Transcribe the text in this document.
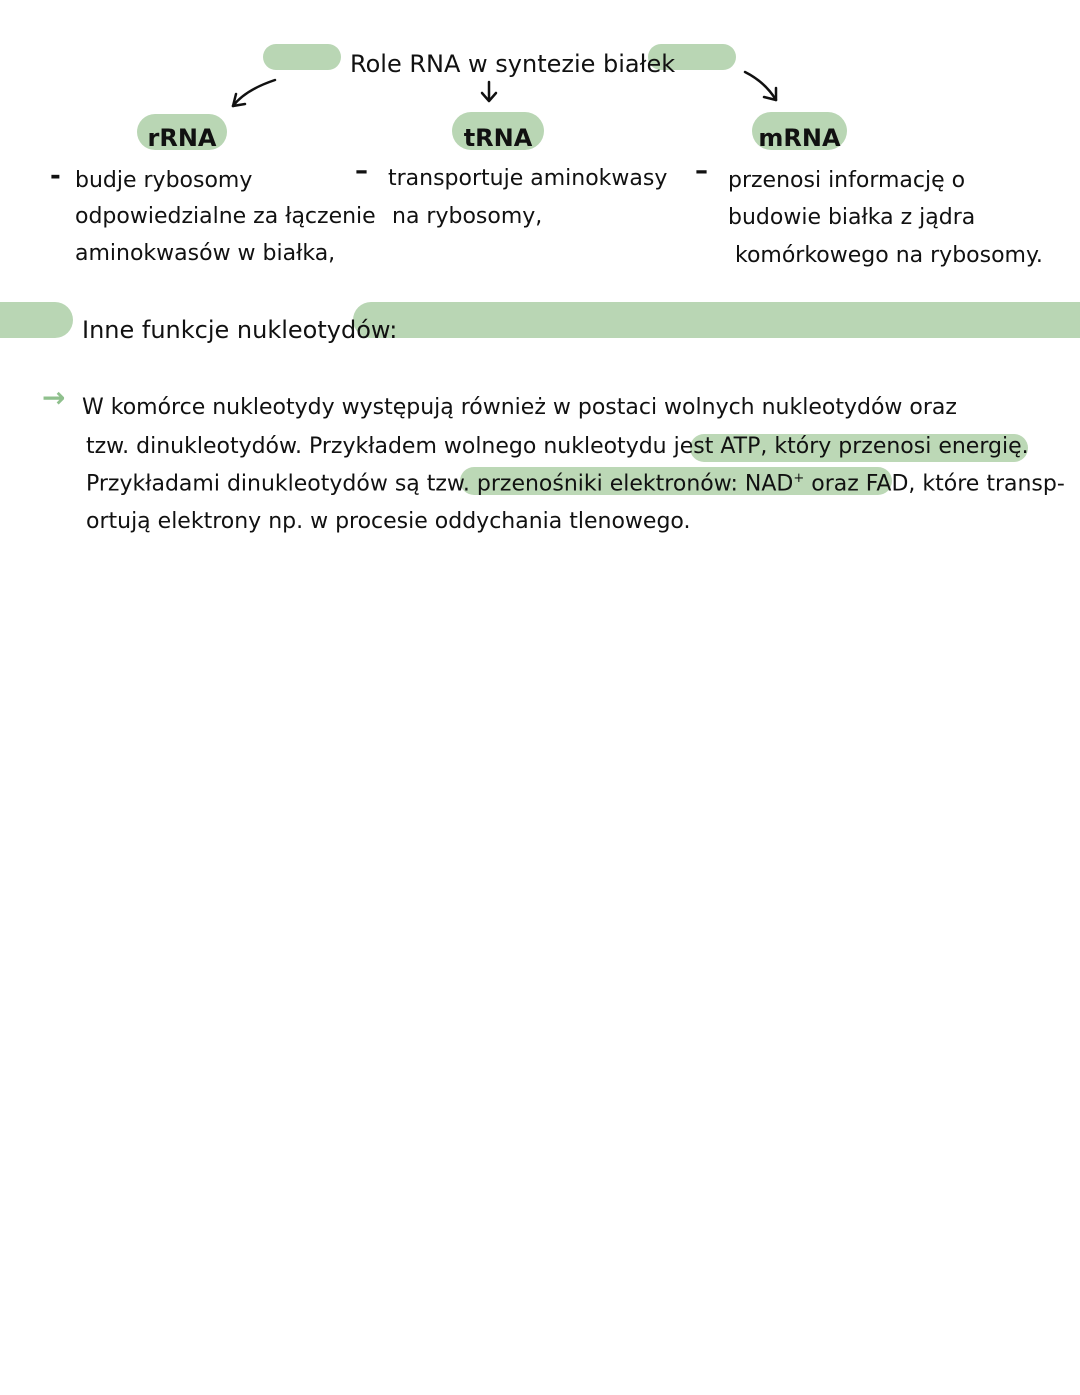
Role RNA w syntezie białek
rRNA	tRNA	mRNA
- budje rybosomy
odpowiedzialne za łączenie
aminokwasów w białka,
– transportuje aminokwasy
na rybosomy,
– przenosi informację o
budowie białka z jądra
komórkowego na rybosomy.
Inne funkcje nukleotydów:
→ W komórce nukleotydy występują również w postaci wolnych nukleotydów oraz
tzw. dinukleotydów. Przykładem wolnego nukleotydu jest ATP, który przenosi energię.
Przykładami dinukleotydów są tzw. przenośniki elektronów: NAD+ oraz FAD, które transp-
ortują elektrony np. w procesie oddychania tlenowego.
